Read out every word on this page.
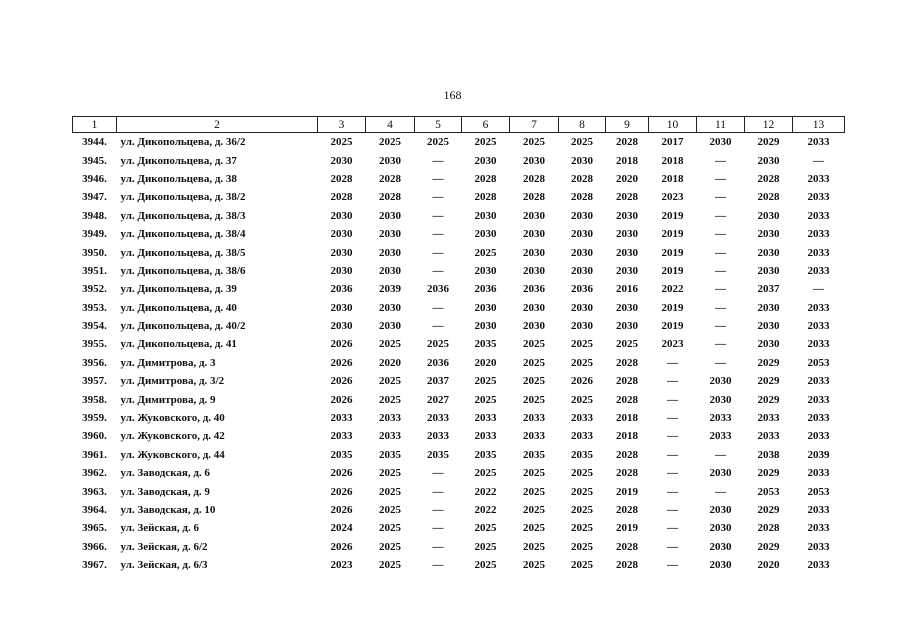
168
1	2	3	4	5	6	7	8	9	10	11	12	13
3944.	ул. Дикопольцева, д. 36/2	2025	2025	2025	2025	2025	2025	2028	2017	2030	2029	2033
3945.	ул. Дикопольцева, д. 37	2030	2030	—	2030	2030	2030	2018	2018	—	2030	—
3946.	ул. Дикопольцева, д. 38	2028	2028	—	2028	2028	2028	2020	2018	—	2028	2033
3947.	ул. Дикопольцева, д. 38/2	2028	2028	—	2028	2028	2028	2028	2023	—	2028	2033
3948.	ул. Дикопольцева, д. 38/3	2030	2030	—	2030	2030	2030	2030	2019	—	2030	2033
3949.	ул. Дикопольцева, д. 38/4	2030	2030	—	2030	2030	2030	2030	2019	—	2030	2033
3950.	ул. Дикопольцева, д. 38/5	2030	2030	—	2025	2030	2030	2030	2019	—	2030	2033
3951.	ул. Дикопольцева, д. 38/6	2030	2030	—	2030	2030	2030	2030	2019	—	2030	2033
3952.	ул. Дикопольцева, д. 39	2036	2039	2036	2036	2036	2036	2016	2022	—	2037	—
3953.	ул. Дикопольцева, д. 40	2030	2030	—	2030	2030	2030	2030	2019	—	2030	2033
3954.	ул. Дикопольцева, д. 40/2	2030	2030	—	2030	2030	2030	2030	2019	—	2030	2033
3955.	ул. Дикопольцева, д. 41	2026	2025	2025	2035	2025	2025	2025	2023	—	2030	2033
3956.	ул. Димитрова, д. 3	2026	2020	2036	2020	2025	2025	2028	—	—	2029	2053
3957.	ул. Димитрова, д. 3/2	2026	2025	2037	2025	2025	2026	2028	—	2030	2029	2033
3958.	ул. Димитрова, д. 9	2026	2025	2027	2025	2025	2025	2028	—	2030	2029	2033
3959.	ул. Жуковского, д. 40	2033	2033	2033	2033	2033	2033	2018	—	2033	2033	2033
3960.	ул. Жуковского, д. 42	2033	2033	2033	2033	2033	2033	2018	—	2033	2033	2033
3961.	ул. Жуковского, д. 44	2035	2035	2035	2035	2035	2035	2028	—	—	2038	2039
3962.	ул. Заводская, д. 6	2026	2025	—	2025	2025	2025	2028	—	2030	2029	2033
3963.	ул. Заводская, д. 9	2026	2025	—	2022	2025	2025	2019	—	—	2053	2053
3964.	ул. Заводская, д. 10	2026	2025	—	2022	2025	2025	2028	—	2030	2029	2033
3965.	ул. Зейская, д. 6	2024	2025	—	2025	2025	2025	2019	—	2030	2028	2033
3966.	ул. Зейская, д. 6/2	2026	2025	—	2025	2025	2025	2028	—	2030	2029	2033
3967.	ул. Зейская, д. 6/3	2023	2025	—	2025	2025	2025	2028	—	2030	2020	2033
